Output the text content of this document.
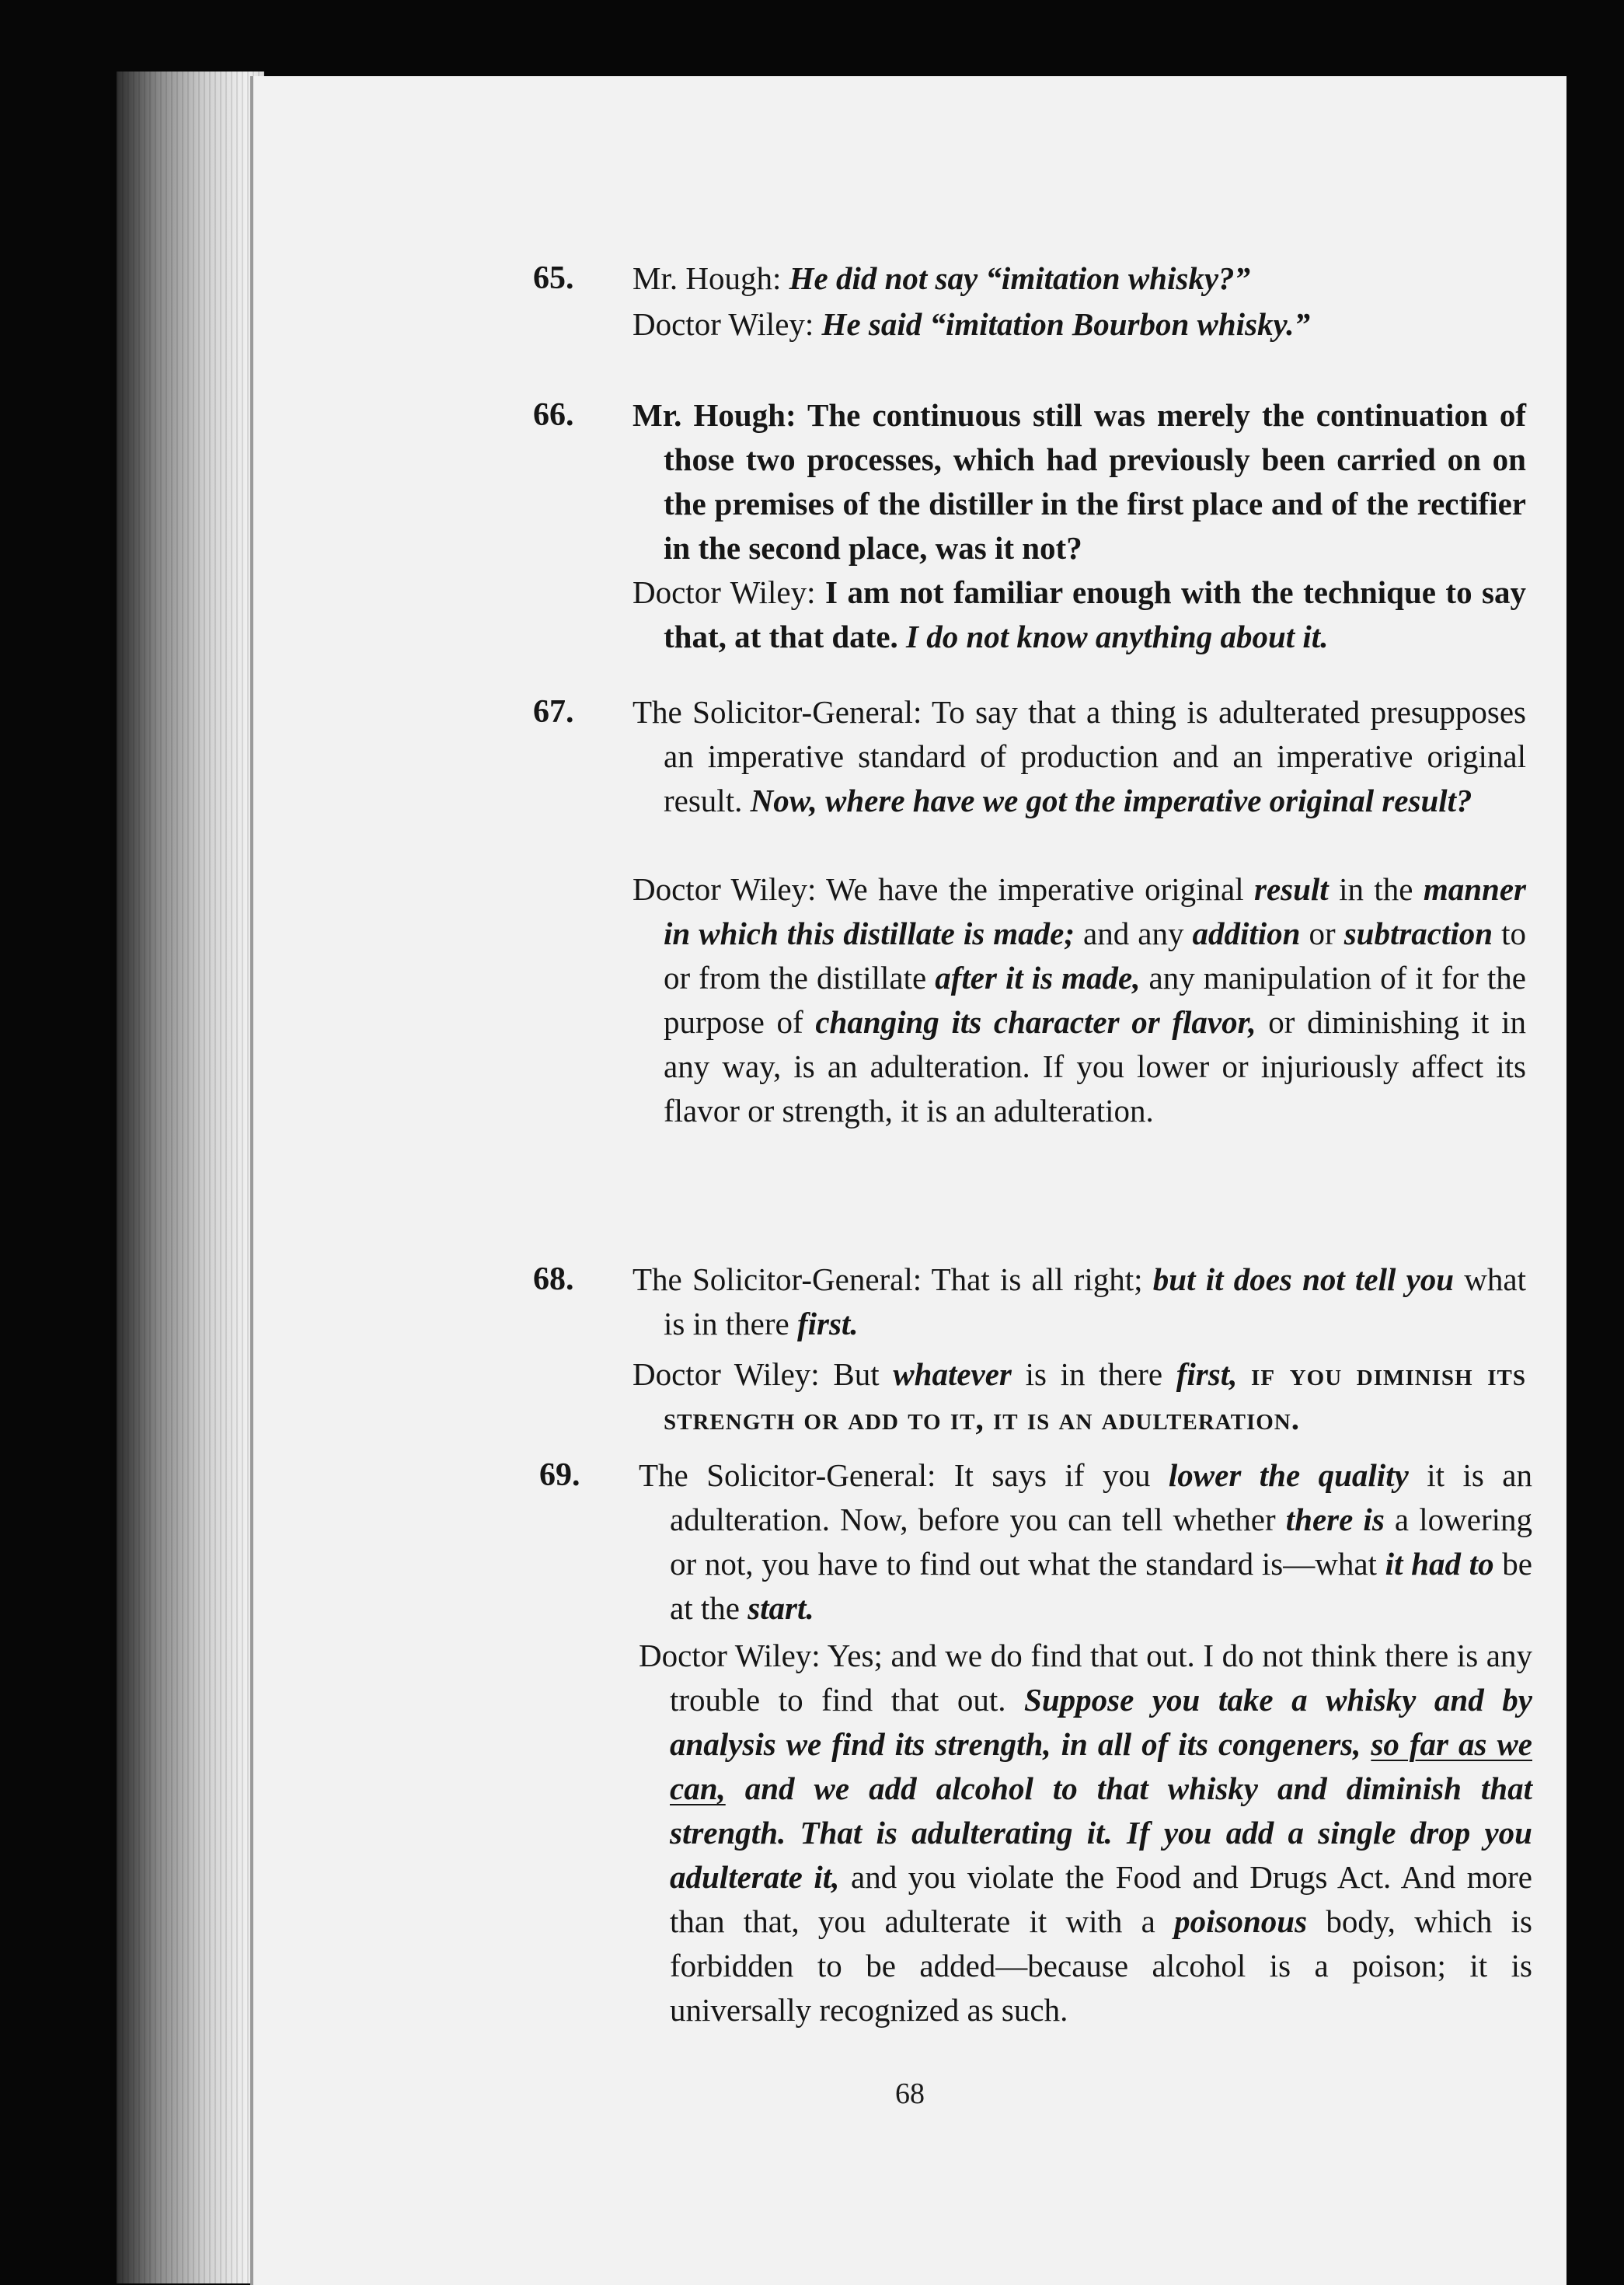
65. Mr. Hough: He did not say “imitation whisky?”
Doctor Wiley: He said “imitation Bourbon whisky.”
66. Mr. Hough: The continuous still was merely the continuation of those two processes, which had previously been carried on on the premises of the distiller in the first place and of the rectifier in the second place, was it not?
Doctor Wiley: I am not familiar enough with the technique to say that, at that date. I do not know anything about it.
67. The Solicitor-General: To say that a thing is adulterated presupposes an imperative standard of production and an imperative original result. Now, where have we got the imperative original result?
Doctor Wiley: We have the imperative original result in the manner in which this distillate is made; and any addition or subtraction to or from the distillate after it is made, any manipulation of it for the purpose of changing its character or flavor, or diminishing it in any way, is an adulteration. If you lower or injuriously affect its flavor or strength, it is an adulteration.
68. The Solicitor-General: That is all right; but it does not tell you what is in there first.
Doctor Wiley: But whatever is in there first, if you diminish its strength or add to it, it is an adulteration.
69. The Solicitor-General: It says if you lower the quality it is an adulteration. Now, before you can tell whether there is a lowering or not, you have to find out what the standard is—what it had to be at the start.
Doctor Wiley: Yes; and we do find that out. I do not think there is any trouble to find that out. Suppose you take a whisky and by analysis we find its strength, in all of its congeners, so far as we can, and we add alcohol to that whisky and diminish that strength. That is adulterating it. If you add a single drop you adulterate it, and you violate the Food and Drugs Act. And more than that, you adulterate it with a poisonous body, which is forbidden to be added—because alcohol is a poison; it is universally recognized as such.
68
